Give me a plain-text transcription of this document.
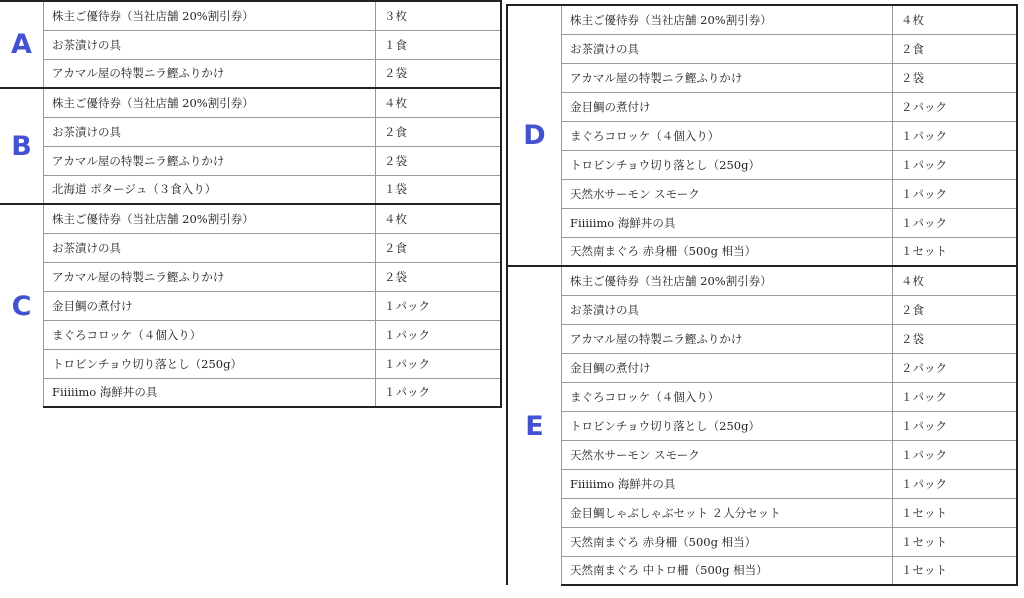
A	株主ご優待券（当社店舗 20%割引券）	３枚
	お茶漬けの具	１食
	アカマル屋の特製ニラ鰹ふりかけ	２袋
B	株主ご優待券（当社店舗 20%割引券）	４枚
	お茶漬けの具	２食
	アカマル屋の特製ニラ鰹ふりかけ	２袋
	北海道 ポタージュ（３食入り）	１袋
C	株主ご優待券（当社店舗 20%割引券）	４枚
	お茶漬けの具	２食
	アカマル屋の特製ニラ鰹ふりかけ	２袋
	金目鯛の煮付け	１パック
	まぐろコロッケ（４個入り）	１パック
	トロビンチョウ切り落とし（250g）	１パック
	Fiiiiimo 海鮮丼の具	１パック
D	株主ご優待券（当社店舗 20%割引券）	４枚
	お茶漬けの具	２食
	アカマル屋の特製ニラ鰹ふりかけ	２袋
	金目鯛の煮付け	２パック
	まぐろコロッケ（４個入り）	１パック
	トロビンチョウ切り落とし（250g）	１パック
	天然水サーモン スモーク	１パック
	Fiiiiimo 海鮮丼の具	１パック
	天然南まぐろ 赤身柵（500g 相当）	１セット
E	株主ご優待券（当社店舗 20%割引券）	４枚
	お茶漬けの具	２食
	アカマル屋の特製ニラ鰹ふりかけ	２袋
	金目鯛の煮付け	２パック
	まぐろコロッケ（４個入り）	１パック
	トロビンチョウ切り落とし（250g）	１パック
	天然水サーモン スモーク	１パック
	Fiiiiimo 海鮮丼の具	１パック
	金目鯛しゃぶしゃぶセット ２人分セット	１セット
	天然南まぐろ 赤身柵（500g 相当）	１セット
	天然南まぐろ 中トロ柵（500g 相当）	１セット
